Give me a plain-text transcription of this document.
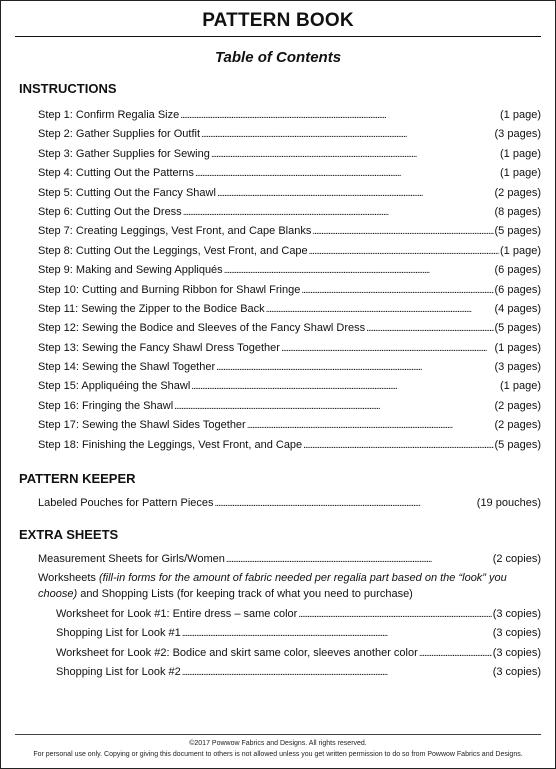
PATTERN BOOK
Table of Contents
INSTRUCTIONS
Step 1: Confirm Regalia Size . . .	(1 page)
Step 2: Gather Supplies for Outfit . . .	(3 pages)
Step 3: Gather Supplies for Sewing . . .	(1 page)
Step 4: Cutting Out the Patterns . . .	(1 page)
Step 5: Cutting Out the Fancy Shawl . . .	(2 pages)
Step 6: Cutting Out the Dress . . .	(8 pages)
Step 7: Creating Leggings, Vest Front, and Cape Blanks . . .	(5 pages)
Step 8: Cutting Out the Leggings, Vest Front, and Cape . . .	(1 page)
Step 9: Making and Sewing Appliqués . . .	(6 pages)
Step 10: Cutting and Burning Ribbon for Shawl Fringe . . .	(6 pages)
Step 11: Sewing the Zipper to the Bodice Back . . .	(4 pages)
Step 12: Sewing the Bodice and Sleeves of the Fancy Shawl Dress . . .	(5 pages)
Step 13: Sewing the Fancy Shawl Dress Together . . .	(1 pages)
Step 14: Sewing the Shawl Together . . .	(3 pages)
Step 15: Appliquéing the Shawl . . .	(1 page)
Step 16: Fringing the Shawl . . .	(2 pages)
Step 17: Sewing the Shawl Sides Together . . .	(2 pages)
Step 18: Finishing the Leggings, Vest Front, and Cape . . .	(5 pages)
PATTERN KEEPER
Labeled Pouches for Pattern Pieces . . .	(19 pouches)
EXTRA SHEETS
Measurement Sheets for Girls/Women . . .	(2 copies)
Worksheets (fill-in forms for the amount of fabric needed per regalia part based on the “look” you choose) and Shopping Lists (for keeping track of what you need to purchase)
Worksheet for Look #1: Entire dress – same color . . .	(3 copies)
Shopping List for Look #1 . . .	(3 copies)
Worksheet for Look #2: Bodice and skirt same color, sleeves another color . . .	(3 copies)
Shopping List for Look #2 . . .	(3 copies)
©2017 Powwow Fabrics and Designs. All rights reserved.
For personal use only. Copying or giving this document to others is not allowed unless you get written permission to do so from Powwow Fabrics and Designs.
